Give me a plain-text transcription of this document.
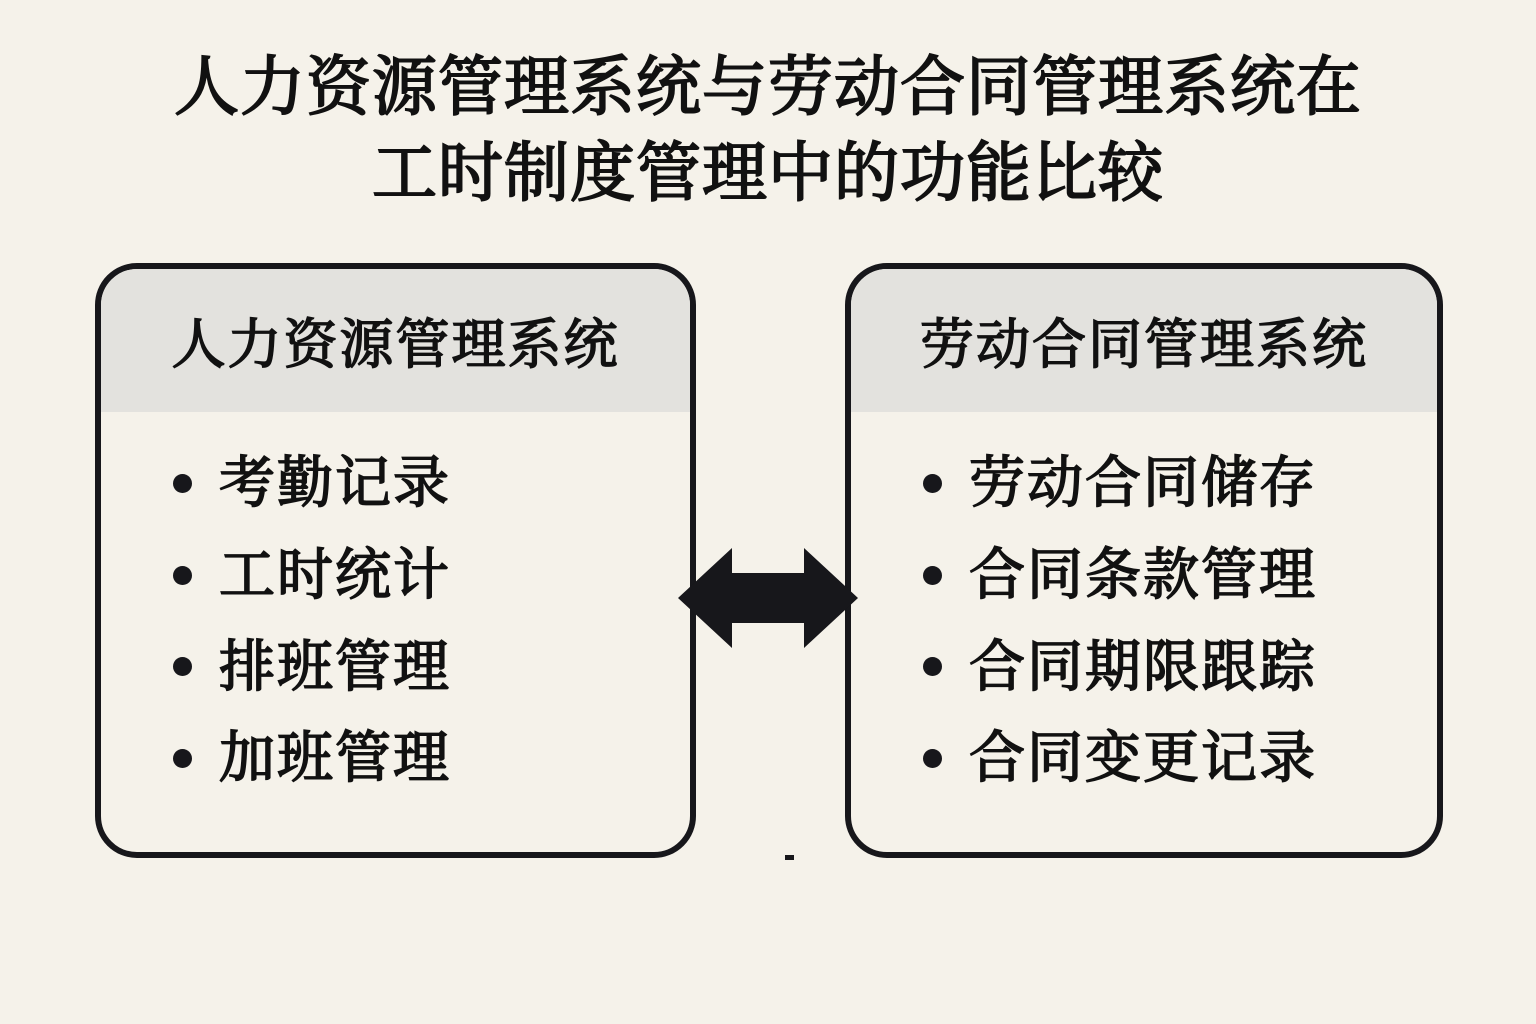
人力资源管理系统与劳动合同管理系统在
工时制度管理中的功能比较
人力资源管理系统
考勤记录
工时统计
排班管理
加班管理
劳动合同管理系统
劳动合同储存
合同条款管理
合同期限跟踪
合同变更记录
